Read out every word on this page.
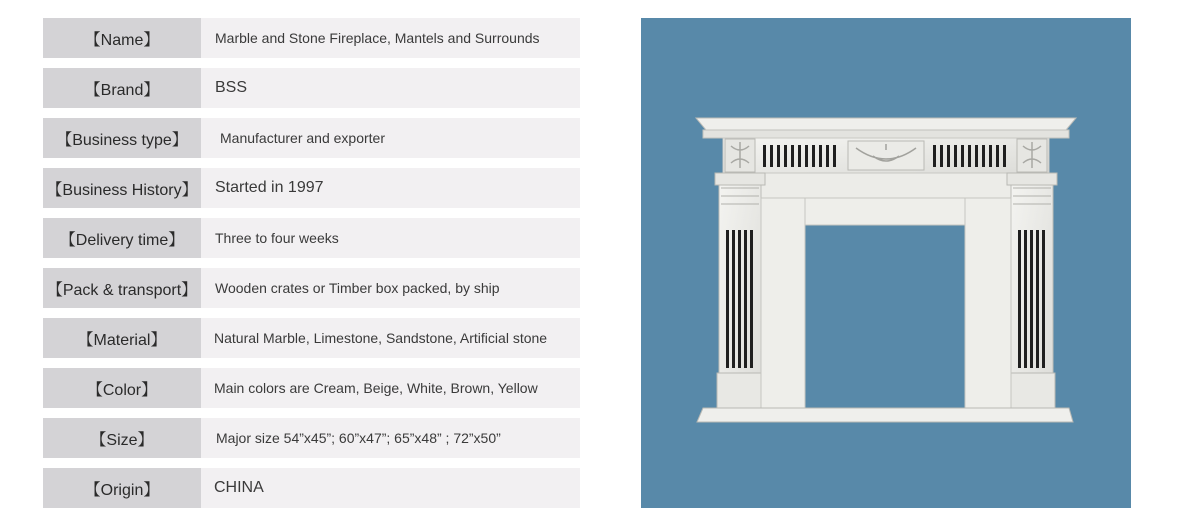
【Name】	Marble and Stone Fireplace, Mantels and Surrounds
【Brand】	BSS
【Business type】	Manufacturer and exporter
【Business History】	Started in 1997
【Delivery time】	Three to four weeks
【Pack & transport】	Wooden crates or Timber box packed, by ship
【Material】	Natural Marble, Limestone, Sandstone, Artificial stone
【Color】	Main colors are Cream, Beige, White, Brown, Yellow
【Size】	Major size 54”x45”; 60”x47”; 65”x48” ; 72”x50”
【Origin】	CHINA
